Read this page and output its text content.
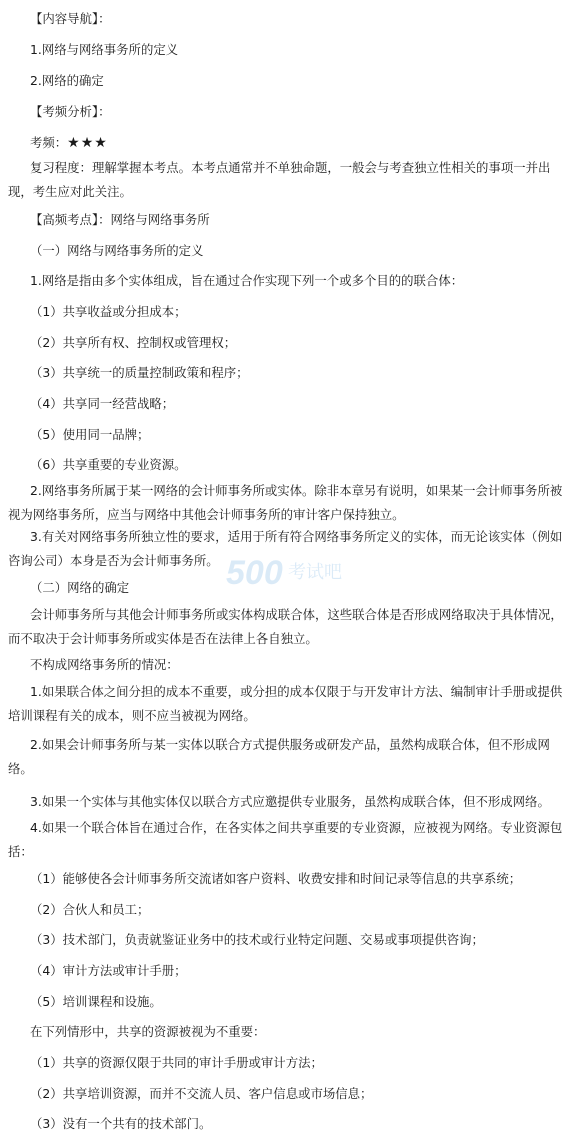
【内容导航】：
1.网络与网络事务所的定义
2.网络的确定
【考频分析】：
考频：★★★
【高频考点】：网络与网络事务所
（一）网络与网络事务所的定义
1.网络是指由多个实体组成，旨在通过合作实现下列一个或多个目的的联合体：
（1）共享收益或分担成本；
（2）共享所有权、控制权或管理权；
（3）共享统一的质量控制政策和程序；
（4）共享同一经营战略；
（5）使用同一品牌；
（6）共享重要的专业资源。
（二）网络的确定
不构成网络事务所的情况：
3.如果一个实体与其他实体仅以联合方式应邀提供专业服务，虽然构成联合体，但不形成网络。
（1）能够使各会计师事务所交流诸如客户资料、收费安排和时间记录等信息的共享系统；
（2）合伙人和员工；
（3）技术部门，负责就鉴证业务中的技术或行业特定问题、交易或事项提供咨询；
（4）审计方法或审计手册；
（5）培训课程和设施。
在下列情形中，共享的资源被视为不重要：
（1）共享的资源仅限于共同的审计手册或审计方法；
（2）共享培训资源，而并不交流人员、客户信息或市场信息；
（3）没有一个共有的技术部门。
复习程度：理解掌握本考点。本考点通常并不单独命题，一般会与考查独立性相关的事项一并出现，考生应对此关注。
2.网络事务所属于某一网络的会计师事务所或实体。除非本章另有说明，如果某一会计师事务所被视为网络事务所，应当与网络中其他会计师事务所的审计客户保持独立。
3.有关对网络事务所独立性的要求，适用于所有符合网络事务所定义的实体，而无论该实体（例如咨询公司）本身是否为会计师事务所。
会计师事务所与其他会计师事务所或实体构成联合体，这些联合体是否形成网络取决于具体情况，而不取决于会计师事务所或实体是否在法律上各自独立。
1.如果联合体之间分担的成本不重要，或分担的成本仅限于与开发审计方法、编制审计手册或提供培训课程有关的成本，则不应当被视为网络。
2.如果会计师事务所与某一实体以联合方式提供服务或研发产品，虽然构成联合体，但不形成网络。
4.如果一个联合体旨在通过合作，在各实体之间共享重要的专业资源，应被视为网络。专业资源包括：
500 考试吧
